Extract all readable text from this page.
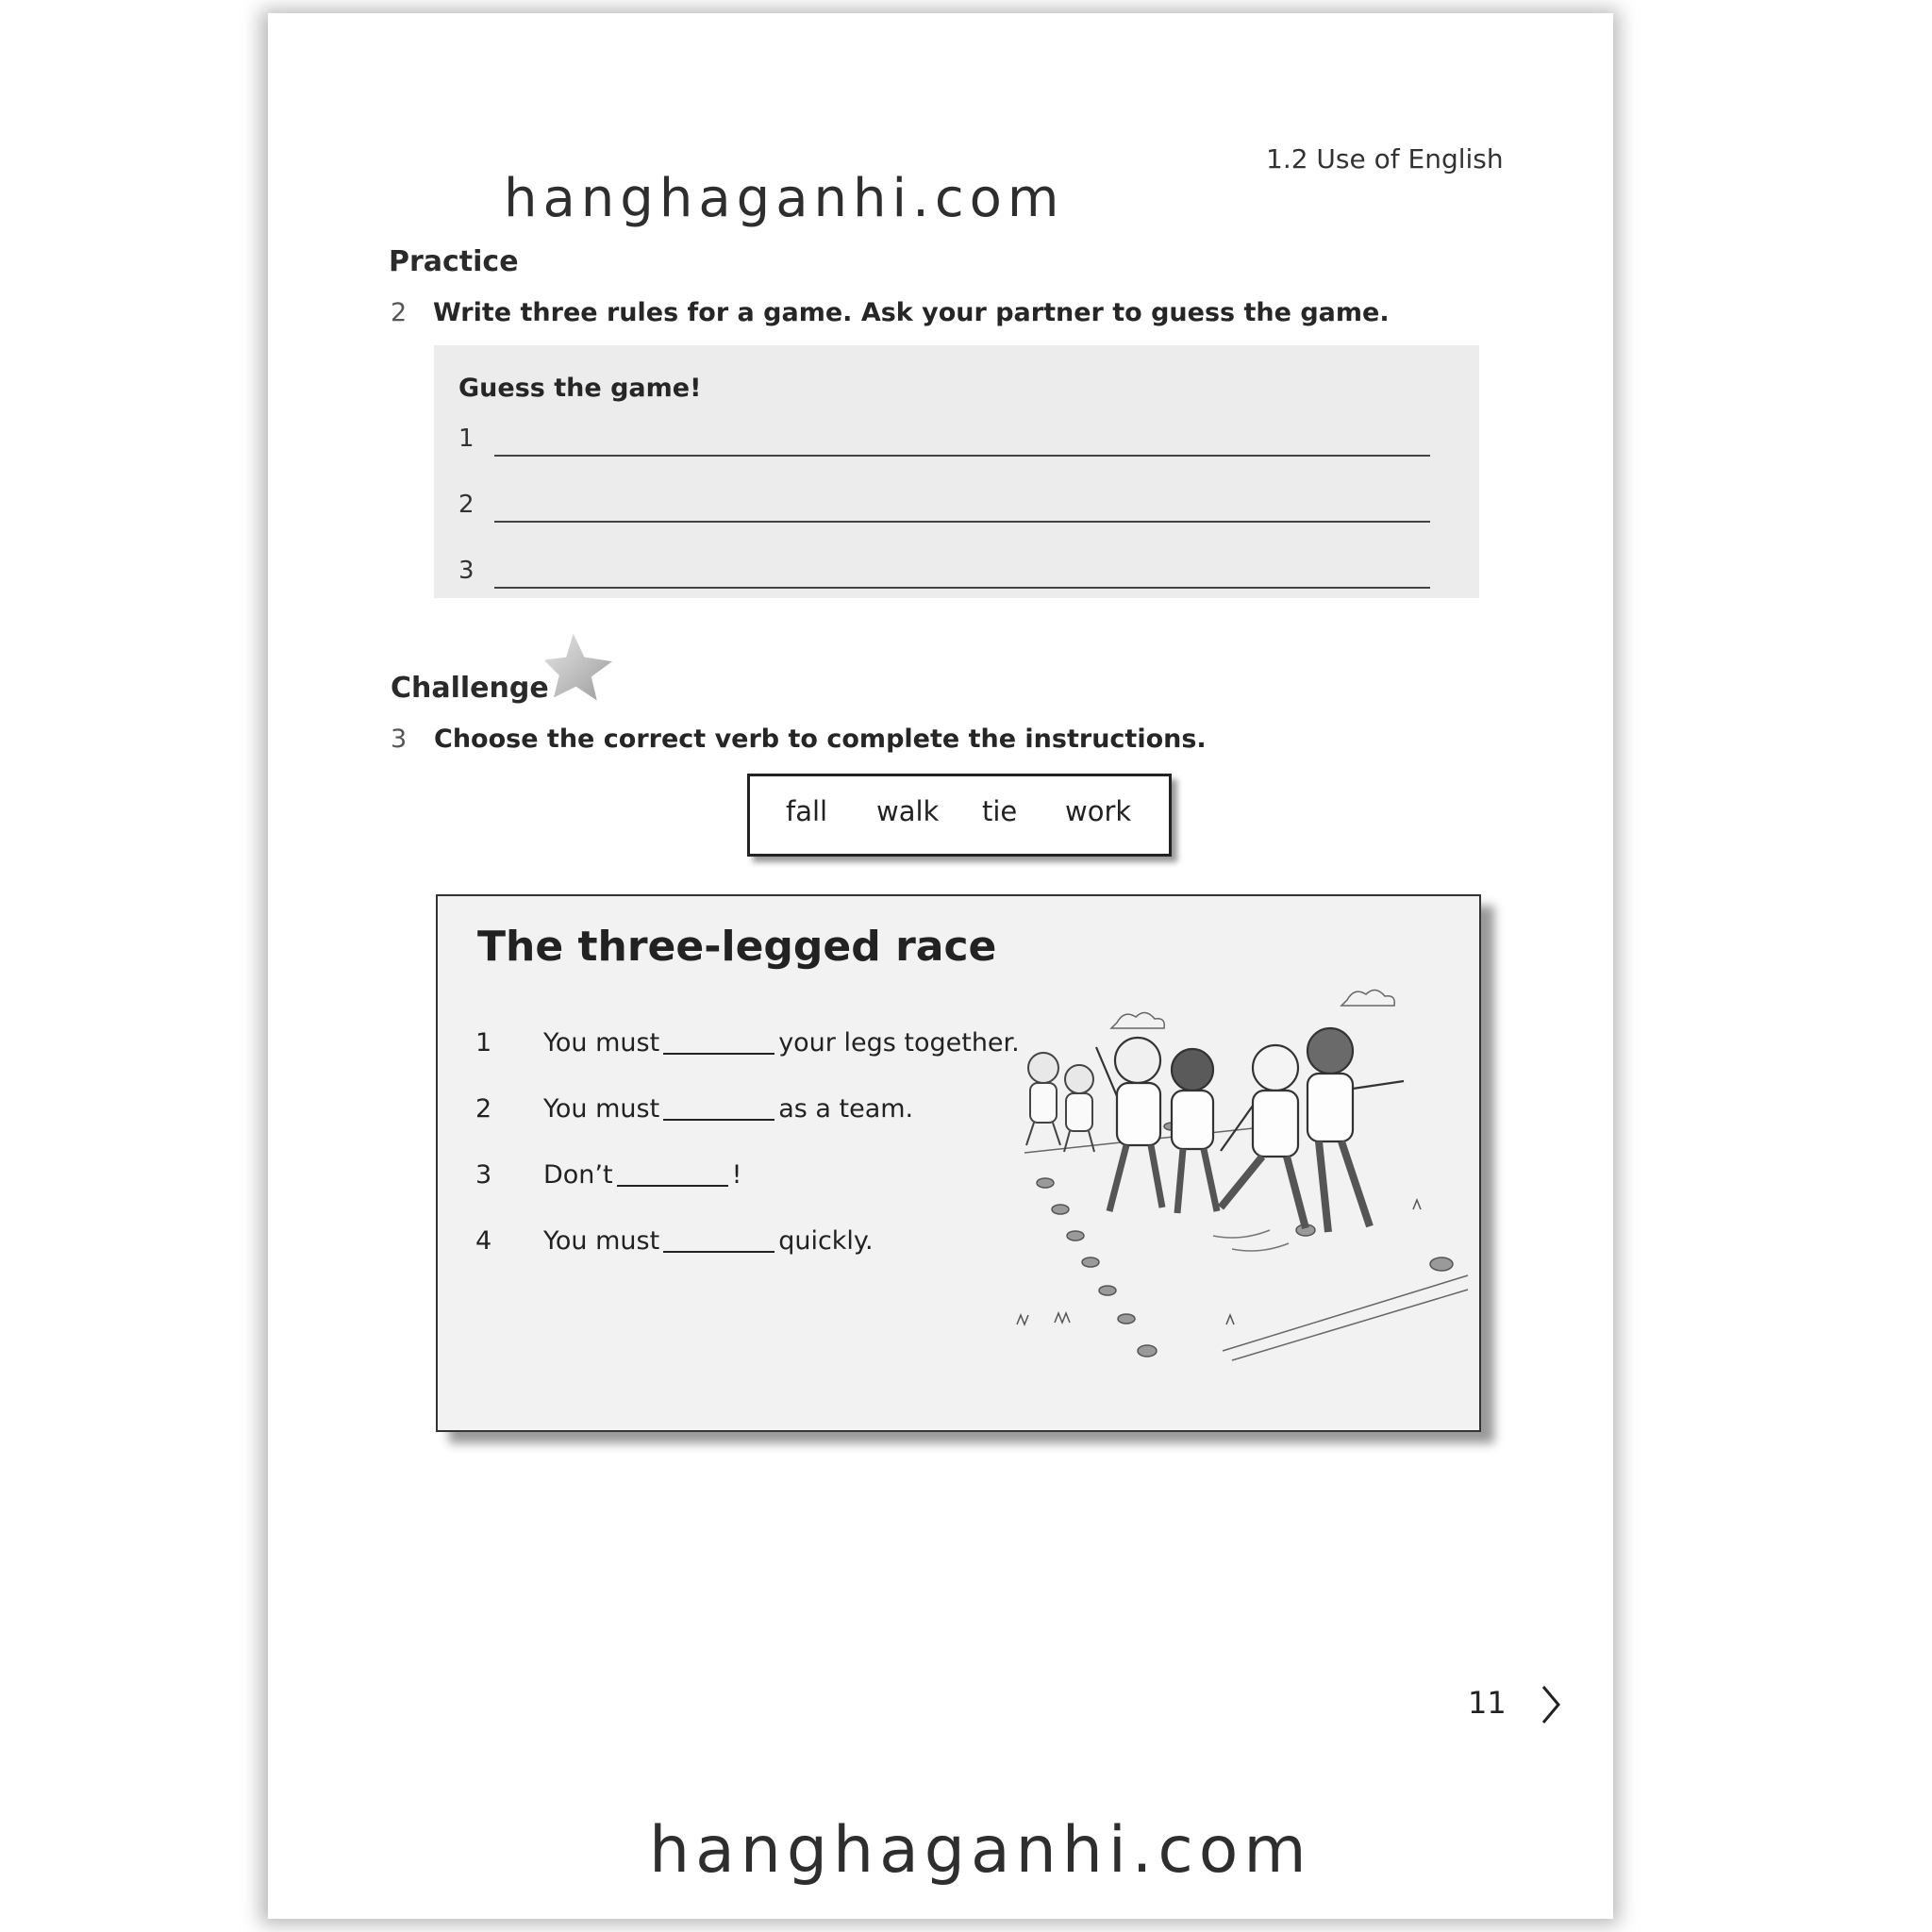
1.2 Use of English
hanghaganhi.com
Practice
2 Write three rules for a game. Ask your partner to guess the game.
Guess the game!
1
2
3
Challenge
3 Choose the correct verb to complete the instructions.
fall walk tie work
The three-legged race
1 You must	your legs together.
2 You must	as a team.
3 Don’t	!
4 You must	quickly.
11
hanghaganhi.com
